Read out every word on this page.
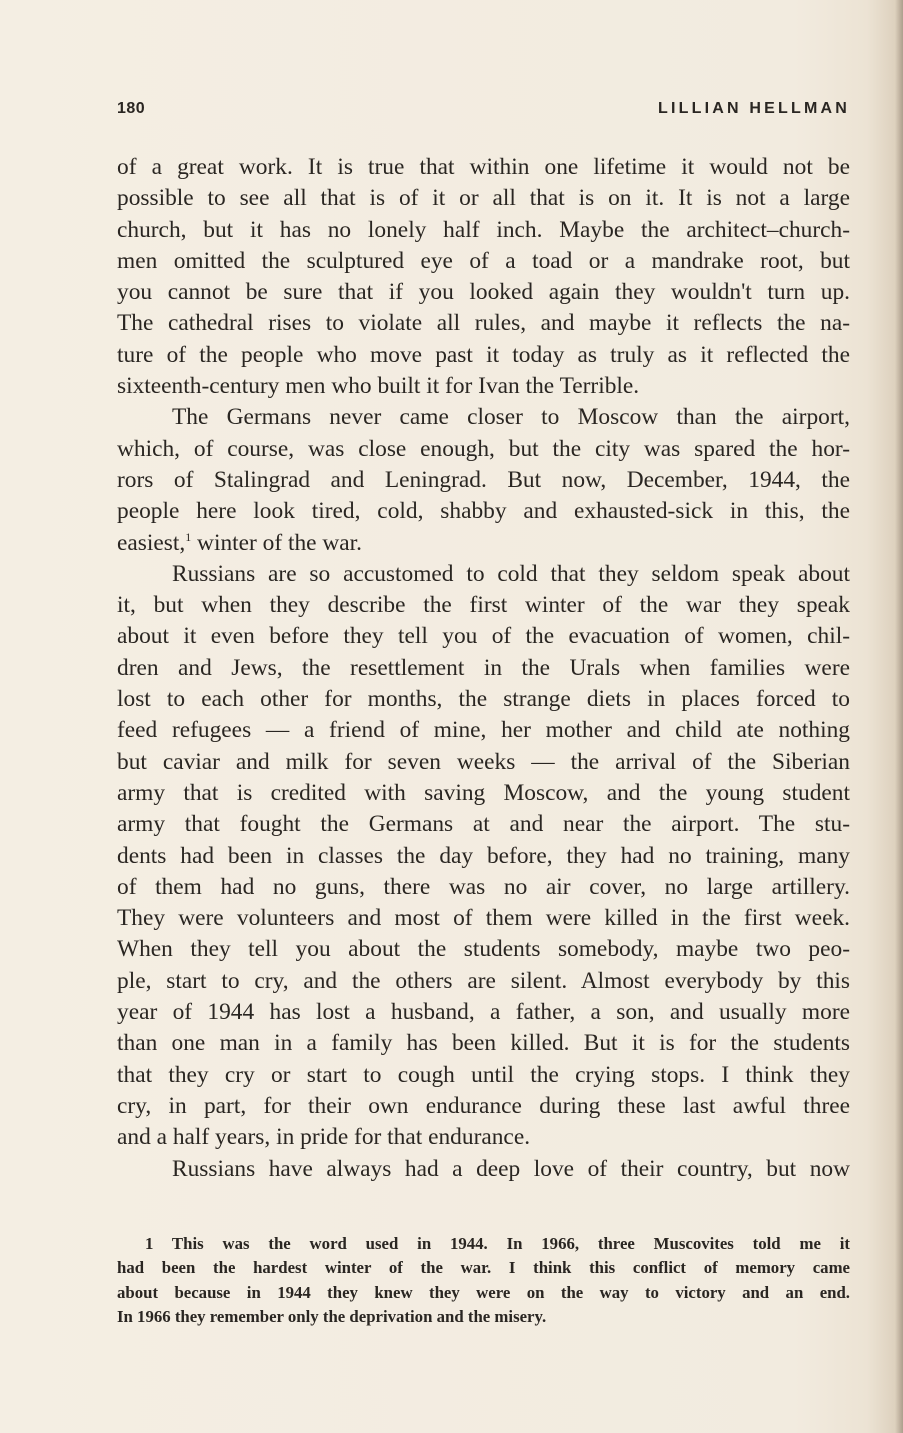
180	LILLIAN HELLMAN
of a great work. It is true that within one lifetime it would not be
possible to see all that is of it or all that is on it. It is not a large
church, but it has no lonely half inch. Maybe the architect–church-
men omitted the sculptured eye of a toad or a mandrake root, but
you cannot be sure that if you looked again they wouldn't turn up.
The cathedral rises to violate all rules, and maybe it reflects the na-
ture of the people who move past it today as truly as it reflected the
sixteenth-century men who built it for Ivan the Terrible.
The Germans never came closer to Moscow than the airport,
which, of course, was close enough, but the city was spared the hor-
rors of Stalingrad and Leningrad. But now, December, 1944, the
people here look tired, cold, shabby and exhausted-sick in this, the
easiest,$^1$ winter of the war.
Russians are so accustomed to cold that they seldom speak about
it, but when they describe the first winter of the war they speak
about it even before they tell you of the evacuation of women, chil-
dren and Jews, the resettlement in the Urals when families were
lost to each other for months, the strange diets in places forced to
feed refugees — a friend of mine, her mother and child ate nothing
but caviar and milk for seven weeks — the arrival of the Siberian
army that is credited with saving Moscow, and the young student
army that fought the Germans at and near the airport. The stu-
dents had been in classes the day before, they had no training, many
of them had no guns, there was no air cover, no large artillery.
They were volunteers and most of them were killed in the first week.
When they tell you about the students somebody, maybe two peo-
ple, start to cry, and the others are silent. Almost everybody by this
year of 1944 has lost a husband, a father, a son, and usually more
than one man in a family has been killed. But it is for the students
that they cry or start to cough until the crying stops. I think they
cry, in part, for their own endurance during these last awful three
and a half years, in pride for that endurance.
Russians have always had a deep love of their country, but now
1 This was the word used in 1944. In 1966, three Muscovites told me it
had been the hardest winter of the war. I think this conflict of memory came
about because in 1944 they knew they were on the way to victory and an end.
In 1966 they remember only the deprivation and the misery.
